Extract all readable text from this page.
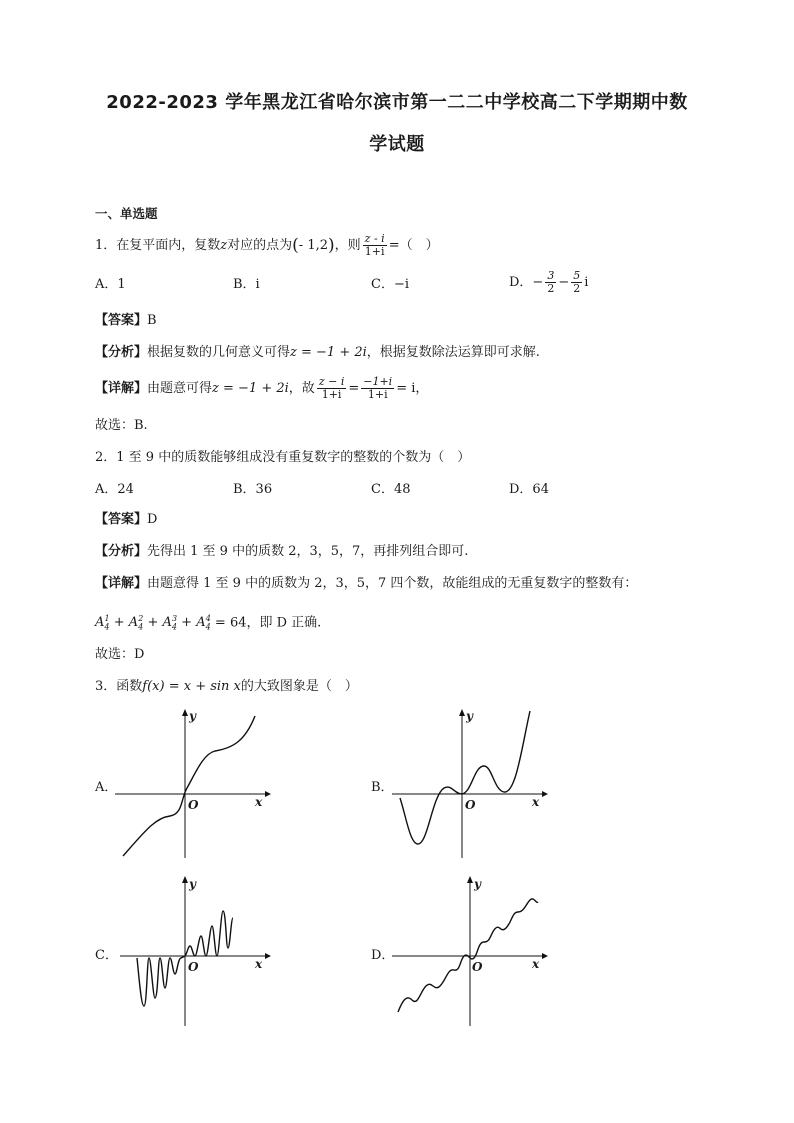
2022-2023 学年黑龙江省哈尔滨市第一二二中学校高二下学期期中数
学试题
一、单选题
1．在复平面内，复数z对应的点为(- 1,2)，则 $\frac{z - i}{1+i}$ =（　）
A．1	B．i	C．−i	D．− $\frac{3}{2} - \frac{5}{2}$ i
【答案】B
【分析】根据复数的几何意义可得z = −1 + 2i，根据复数除法运算即可求解.
【详解】由题意可得z = −1 + 2i，故 $\frac{z - i}{1+i} = \frac{-1+i}{1+i} = i$，
故选：B.
2．1 至 9 中的质数能够组成没有重复数字的整数的个数为（　）
A．24	B．36	C．48	D．64
【答案】D
【分析】先得出 1 至 9 中的质数 2，3，5，7，再排列组合即可.
【详解】由题意得 1 至 9 中的质数为 2，3，5，7 四个数，故能组成的无重复数字的整数有：
$A_4^1 + A_4^2 + A_4^3 + A_4^4 = 64$，即 D 正确.
故选：D
3．函数f(x) = x + sin x的大致图象是（　）
A．
y
x
O
B．
y
x
O
C．
y
x
O
D．
y
x
O
